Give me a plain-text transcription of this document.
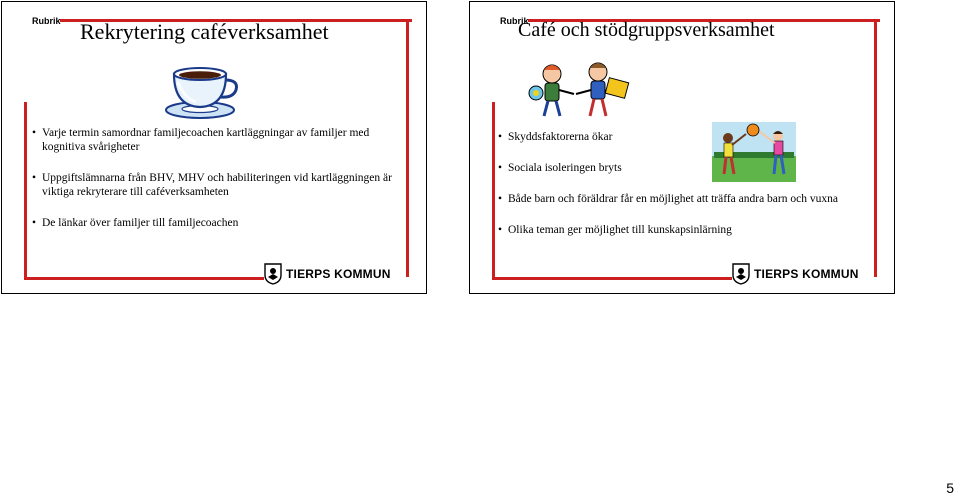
Rubrik Rekrytering caféverksamhet
• Varje termin samordnar familjecoachen kartläggningar av familjer med kognitiva svårigheter
• Uppgiftslämnarna från BHV, MHV och habiliteringen vid kartläggningen är viktiga rekryterare till caféverksamheten
• De länkar över familjer till familjecoachen
TIERPS KOMMUN
Rubrik
Café och stödgruppsverksamhet
• Skyddsfaktorerna ökar
• Sociala isoleringen bryts
• Både barn och föräldrar får en möjlighet att träffa andra barn och vuxna
• Olika teman ger möjlighet till kunskapsinlärning
TIERPS KOMMUN
5
